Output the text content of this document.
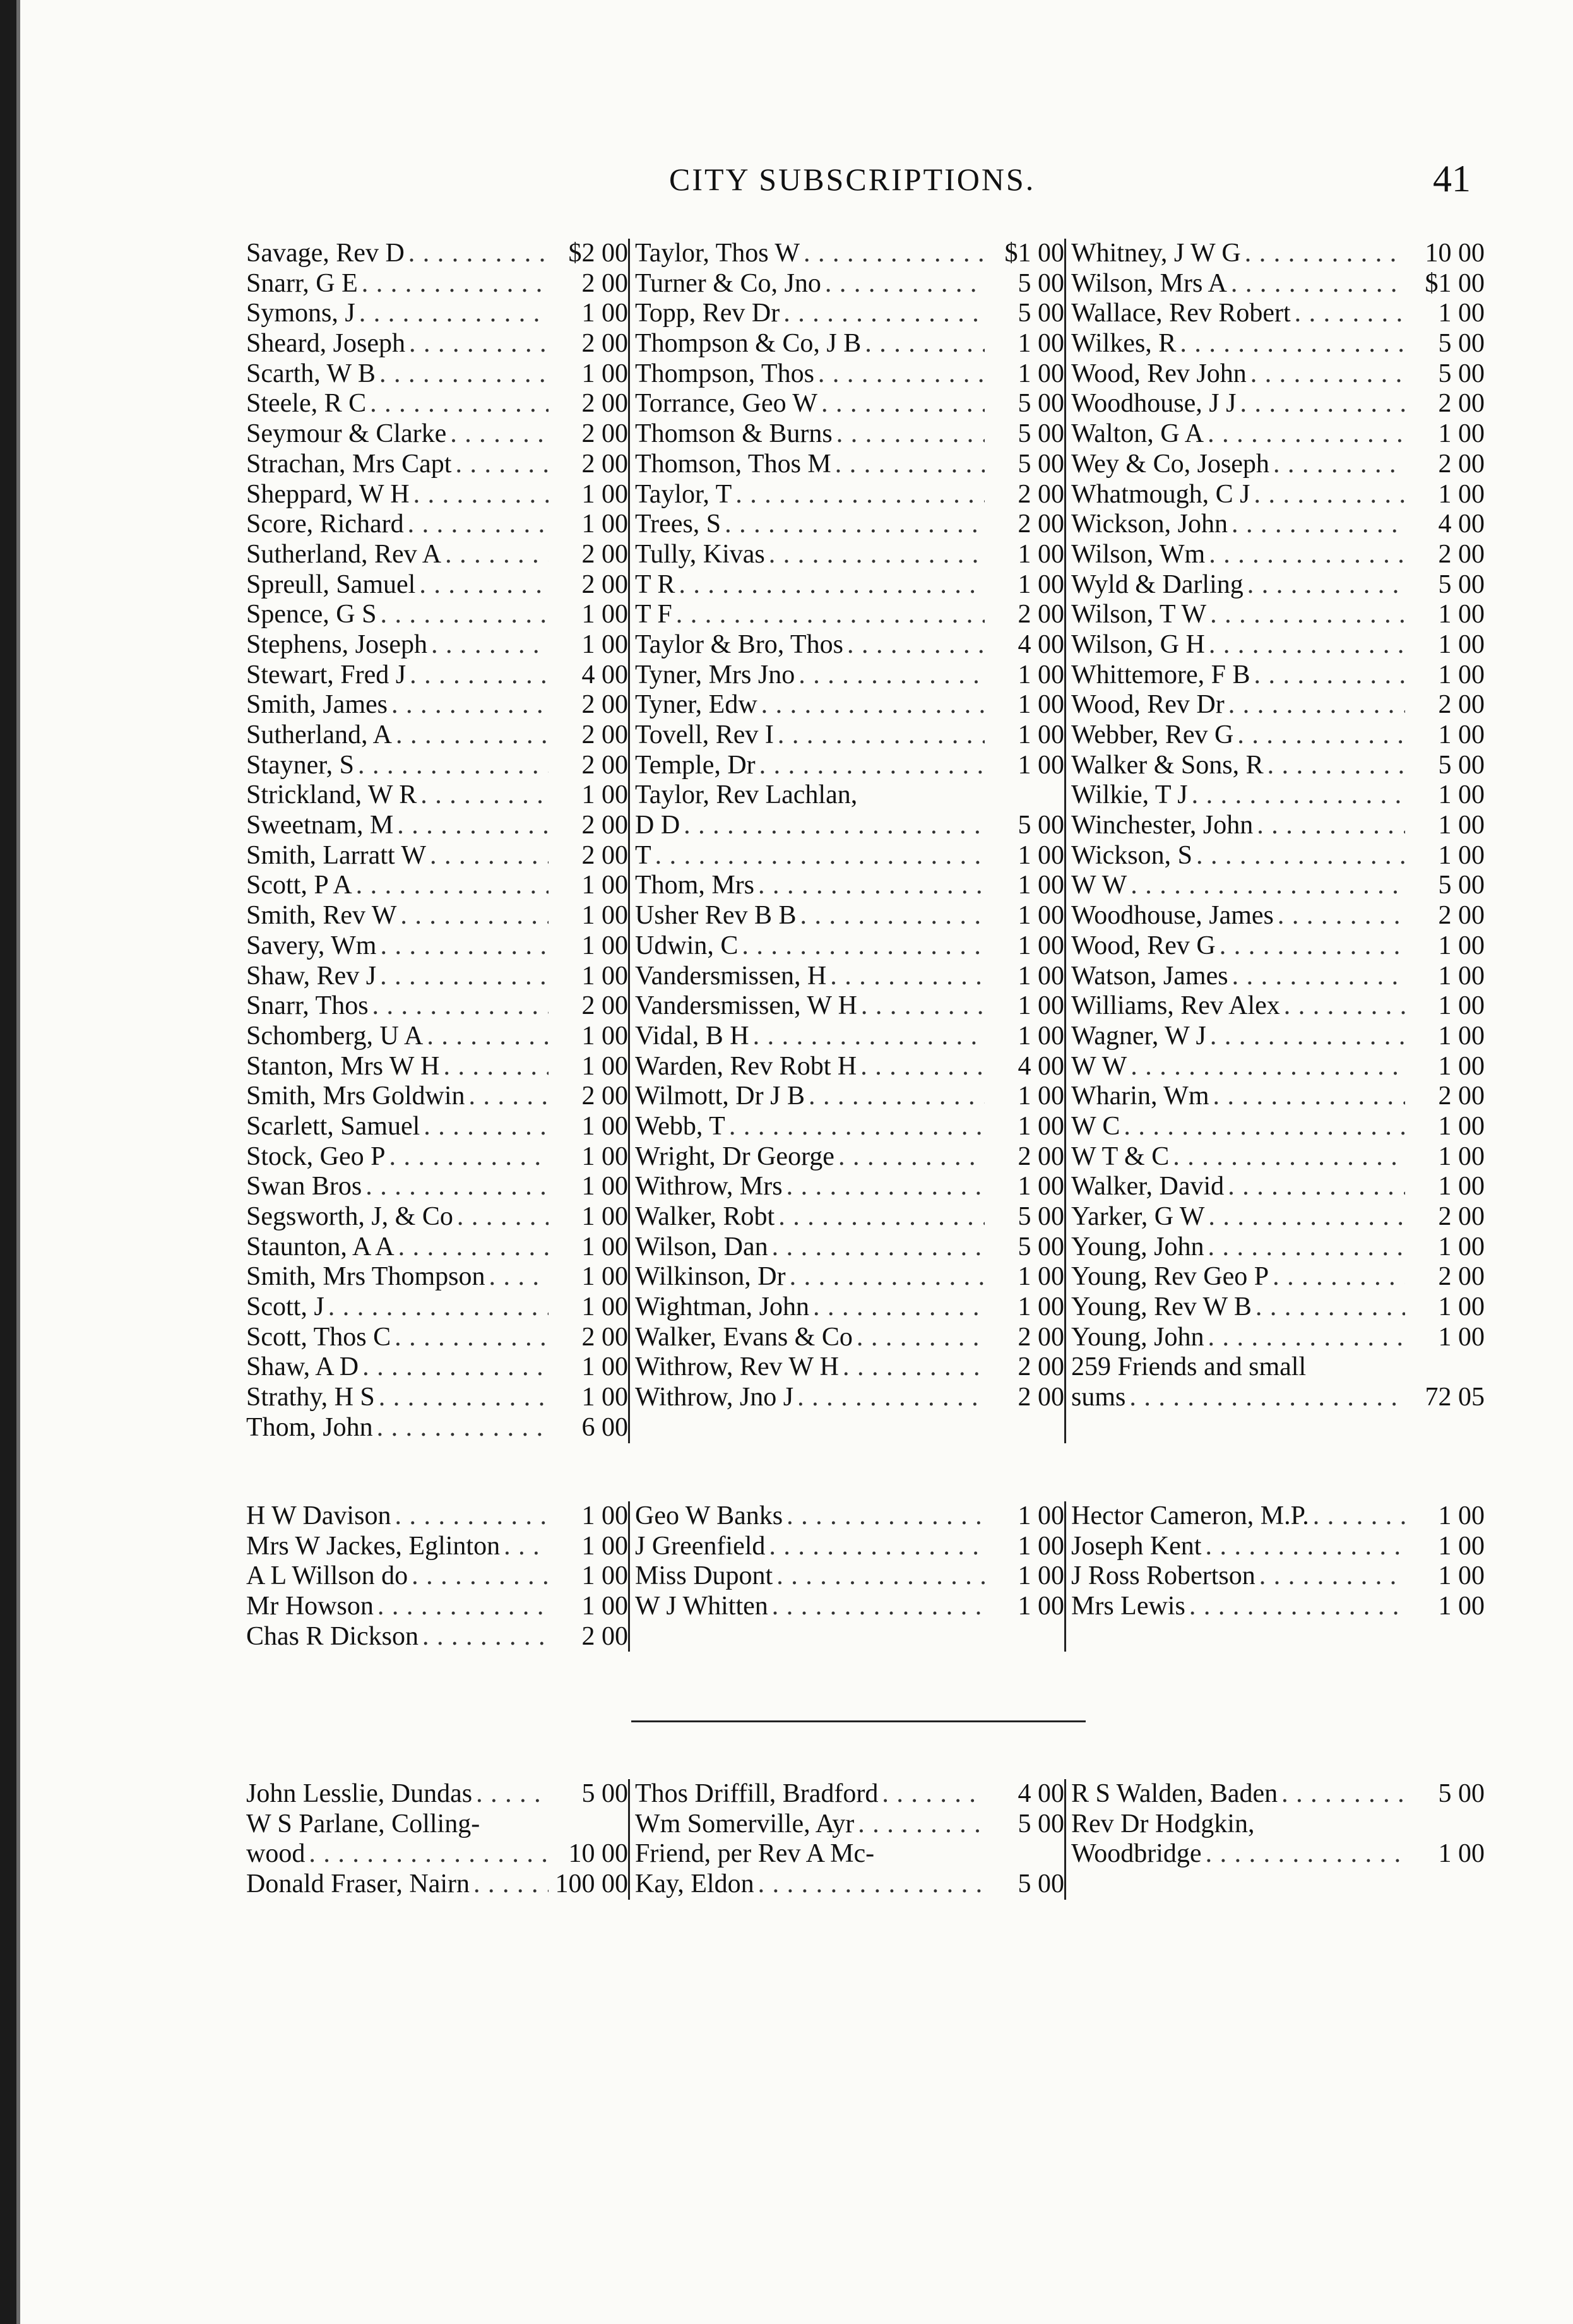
CITY SUBSCRIPTIONS.	41
Savage, Rev D . . .	$2 00
Snarr, G E . . .	2 00
Symons, J . . .	1 00
Sheard, Joseph . . .	2 00
Scarth, W B . . .	1 00
Steele, R C . . .	2 00
Seymour & Clarke . . .	2 00
Strachan, Mrs Capt . . .	2 00
Sheppard, W H . . .	1 00
Score, Richard . . .	1 00
Sutherland, Rev A . . .	2 00
Spreull, Samuel . . .	2 00
Spence, G S . . .	1 00
Stephens, Joseph . . .	1 00
Stewart, Fred J . . .	4 00
Smith, James . . .	2 00
Sutherland, A . . .	2 00
Stayner, S . . .	2 00
Strickland, W R . . .	1 00
Sweetnam, M . . .	2 00
Smith, Larratt W . . .	2 00
Scott, P A . . .	1 00
Smith, Rev W . . .	1 00
Savery, Wm . . .	1 00
Shaw, Rev J . . .	1 00
Snarr, Thos . . .	2 00
Schomberg, U A . . .	1 00
Stanton, Mrs W H . . .	1 00
Smith, Mrs Goldwin . . .	2 00
Scarlett, Samuel . . .	1 00
Stock, Geo P . . .	1 00
Swan Bros . . .	1 00
Segsworth, J, & Co . . .	1 00
Staunton, A A . . .	1 00
Smith, Mrs Thompson . . .	1 00
Scott, J . . .	1 00
Scott, Thos C . . .	2 00
Shaw, A D . . .	1 00
Strathy, H S . . .	1 00
Thom, John . . .	6 00
Taylor, Thos W . . .	$1 00
Turner & Co, Jno . . .	5 00
Topp, Rev Dr . . .	5 00
Thompson & Co, J B . . .	1 00
Thompson, Thos . . .	1 00
Torrance, Geo W . . .	5 00
Thomson & Burns . . .	5 00
Thomson, Thos M . . .	5 00
Taylor, T . . .	2 00
Trees, S . . .	2 00
Tully, Kivas . . .	1 00
T R . . .	1 00
T F . . .	2 00
Taylor & Bro, Thos . . .	4 00
Tyner, Mrs Jno . . .	1 00
Tyner, Edw . . .	1 00
Tovell, Rev I . . .	1 00
Temple, Dr . . .	1 00
Taylor, Rev Lachlan,
D D . . .	5 00
T . . .	1 00
Thom, Mrs . . .	1 00
Usher Rev B B . . .	1 00
Udwin, C . . .	1 00
Vandersmissen, H . . .	1 00
Vandersmissen, W H . . .	1 00
Vidal, B H . . .	1 00
Warden, Rev Robt H . . .	4 00
Wilmott, Dr J B . . .	1 00
Webb, T . . .	1 00
Wright, Dr George . . .	2 00
Withrow, Mrs . . .	1 00
Walker, Robt . . .	5 00
Wilson, Dan . . .	5 00
Wilkinson, Dr . . .	1 00
Wightman, John . . .	1 00
Walker, Evans & Co . . .	2 00
Withrow, Rev W H . . .	2 00
Withrow, Jno J . . .	2 00
Whitney, J W G . . .	10 00
Wilson, Mrs A . . .	$1 00
Wallace, Rev Robert . . .	1 00
Wilkes, R . . .	5 00
Wood, Rev John . . .	5 00
Woodhouse, J J . . .	2 00
Walton, G A . . .	1 00
Wey & Co, Joseph . . .	2 00
Whatmough, C J . . .	1 00
Wickson, John . . .	4 00
Wilson, Wm . . .	2 00
Wyld & Darling . . .	5 00
Wilson, T W . . .	1 00
Wilson, G H . . .	1 00
Whittemore, F B . . .	1 00
Wood, Rev Dr . . .	2 00
Webber, Rev G . . .	1 00
Walker & Sons, R . . .	5 00
Wilkie, T J . . .	1 00
Winchester, John . . .	1 00
Wickson, S . . .	1 00
W W . . .	5 00
Woodhouse, James . . .	2 00
Wood, Rev G . . .	1 00
Watson, James . . .	1 00
Williams, Rev Alex . . .	1 00
Wagner, W J . . .	1 00
W W . . .	1 00
Wharin, Wm . . .	2 00
W C . . .	1 00
W T & C . . .	1 00
Walker, David . . .	1 00
Yarker, G W . . .	2 00
Young, John . . .	1 00
Young, Rev Geo P . . .	2 00
Young, Rev W B . . .	1 00
Young, John . . .	1 00
259 Friends and small
sums . . .	72 05
H W Davison . . .	1 00
Mrs W Jackes, Eglinton . . .	1 00
A L Willson do . . .	1 00
Mr Howson . . .	1 00
Chas R Dickson . . .	2 00
Geo W Banks . . .	1 00
J Greenfield . . .	1 00
Miss Dupont . . .	1 00
W J Whitten . . .	1 00
Hector Cameron, M.P. . . .	1 00
Joseph Kent . . .	1 00
J Ross Robertson . . .	1 00
Mrs Lewis . . .	1 00
John Lesslie, Dundas . . .	5 00
W S Parlane, Colling-
wood . . .	10 00
Donald Fraser, Nairn . . .	100 00
Thos Driffill, Bradford . . .	4 00
Wm Somerville, Ayr . . .	5 00
Friend, per Rev A Mc-
Kay, Eldon . . .	5 00
R S Walden, Baden . . .	5 00
Rev Dr Hodgkin,
Woodbridge . . .	1 00
